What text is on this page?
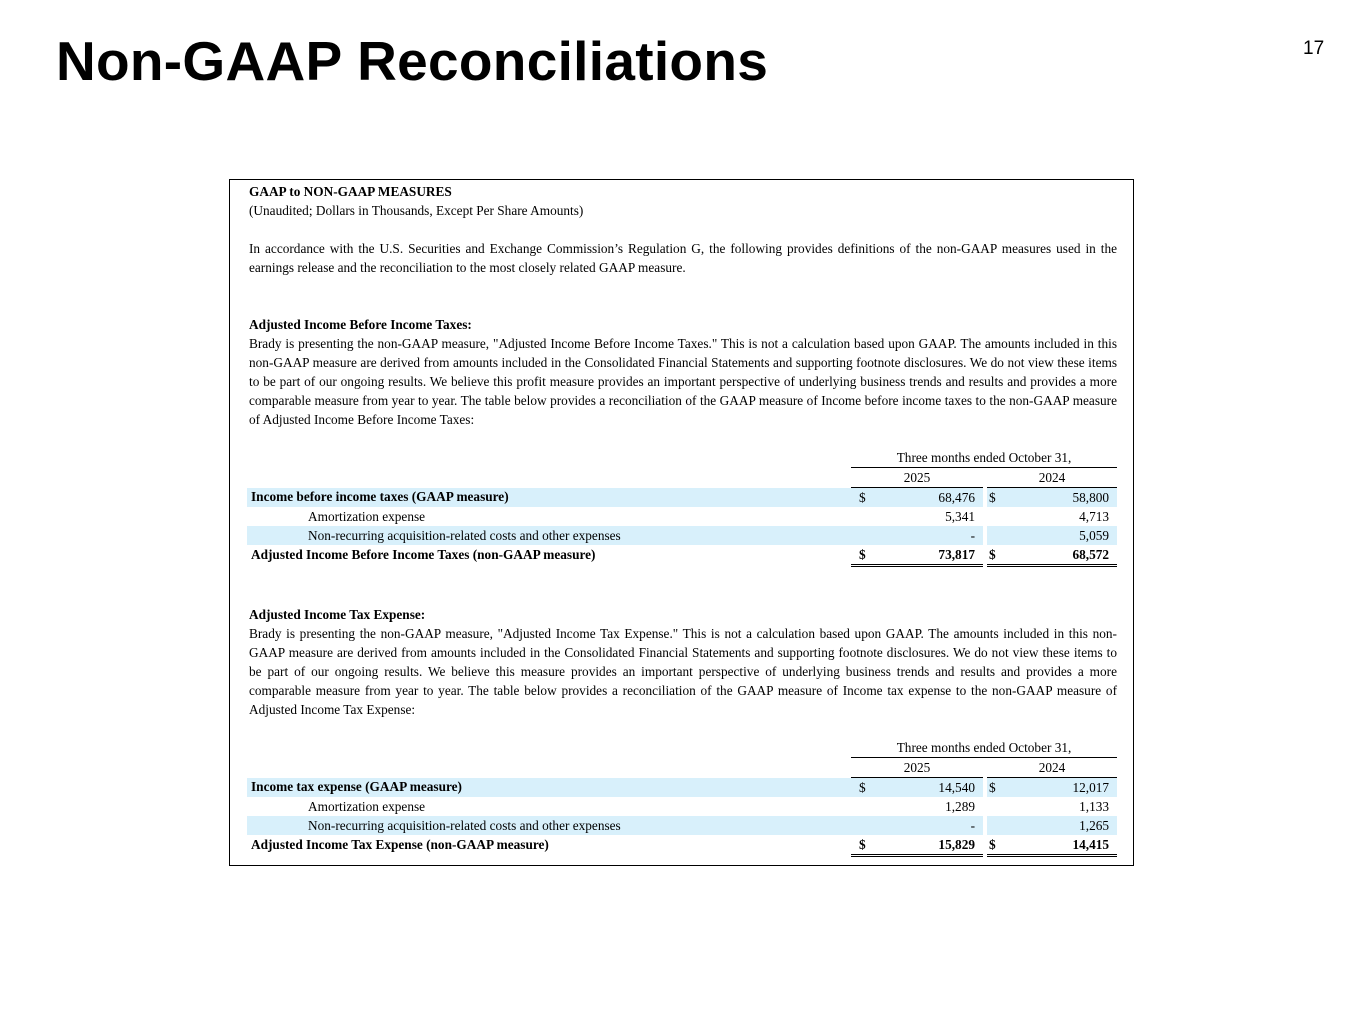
Non-GAAP Reconciliations	17

GAAP to NON-GAAP MEASURES

(Unaudited; Dollars in Thousands, Except Per Share Amounts)

In accordance with the U.S. Securities and Exchange Commission’s Regulation G, the following provides definitions of the non-GAAP measures used in the earnings release and the reconciliation to the most closely related GAAP measure.

Adjusted Income Before Income Taxes:

Brady is presenting the non-GAAP measure, "Adjusted Income Before Income Taxes." This is not a calculation based upon GAAP. The amounts included in this non-GAAP measure are derived from amounts included in the Consolidated Financial Statements and supporting footnote disclosures. We do not view these items to be part of our ongoing results. We believe this profit measure provides an important perspective of underlying business trends and results and provides a more comparable measure from year to year. The table below provides a reconciliation of the GAAP measure of Income before income taxes to the non-GAAP measure of Adjusted Income Before Income Taxes:

	Three months ended October 31,				
	2025			2024	
Income before income taxes (GAAP measure)	$	68,476		$	58,800
Amortization expense		5,341			4,713
Non-recurring acquisition-related costs and other expenses		-			5,059
Adjusted Income Before Income Taxes (non-GAAP measure)	$	73,817		$	68,572

Adjusted Income Tax Expense:

Brady is presenting the non-GAAP measure, "Adjusted Income Tax Expense." This is not a calculation based upon GAAP. The amounts included in this non-GAAP measure are derived from amounts included in the Consolidated Financial Statements and supporting footnote disclosures. We do not view these items to be part of our ongoing results. We believe this measure provides an important perspective of underlying business trends and results and provides a more comparable measure from year to year. The table below provides a reconciliation of the GAAP measure of Income tax expense to the non-GAAP measure of Adjusted Income Tax Expense:

	Three months ended October 31,				
	2025			2024	
Income tax expense (GAAP measure)	$	14,540		$	12,017
Amortization expense		1,289			1,133
Non-recurring acquisition-related costs and other expenses		-			1,265
Adjusted Income Tax Expense (non-GAAP measure)	$	15,829		$	14,415
